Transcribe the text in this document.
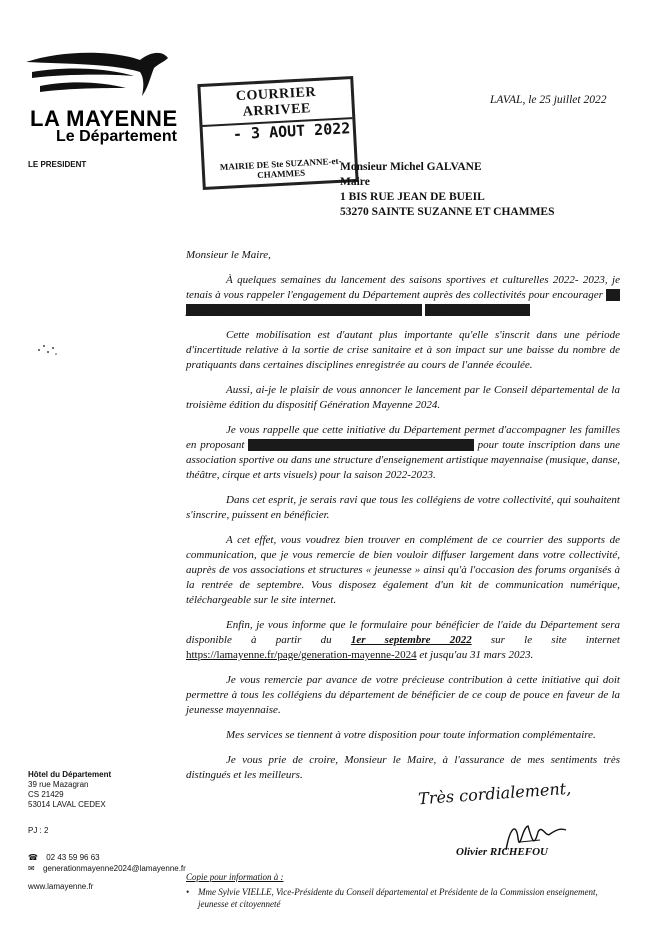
LA MAYENNE
Le Département
LE PRESIDENT
COURRIER ARRIVEE
- 3 AOUT 2022
MAIRIE DE Ste SUZANNE-et-CHAMMES
LAVAL, le 25 juillet 2022
Monsieur Michel GALVANE
Maire
1 BIS RUE JEAN DE BUEIL
53270 SAINTE SUZANNE ET CHAMMES

Monsieur le Maire,

À quelques semaines du lancement des saisons sportives et culturelles 2022- 2023, je tenais à vous rappeler l'engagement du Département auprès des collectivités pour encourager les jeunes collégiens à pratiquer une activité physique et culturelle en Mayenne.

Cette mobilisation est d'autant plus importante qu'elle s'inscrit dans une période d'incertitude relative à la sortie de crise sanitaire et à son impact sur une baisse du nombre de pratiquants dans certaines disciplines enregistrée au cours de l'année écoulée.

Aussi, ai-je le plaisir de vous annoncer le lancement par le Conseil départemental de la troisième édition du dispositif Génération Mayenne 2024.

Je vous rappelle que cette initiative du Département permet d'accompagner les familles en proposant une aide forfaitaire de 25 € à tous les collégiens pour toute inscription dans une association sportive ou dans une structure d'enseignement artistique mayennaise (musique, danse, théâtre, cirque et arts visuels) pour la saison 2022-2023.

Dans cet esprit, je serais ravi que tous les collégiens de votre collectivité, qui souhaitent s'inscrire, puissent en bénéficier.

A cet effet, vous voudrez bien trouver en complément de ce courrier des supports de communication, que je vous remercie de bien vouloir diffuser largement dans votre collectivité, auprès de vos associations et structures « jeunesse » ainsi qu'à l'occasion des forums organisés à la rentrée de septembre. Vous disposez également d'un kit de communication numérique, téléchargeable sur le site internet.

Enfin, je vous informe que le formulaire pour bénéficier de l'aide du Département sera disponible à partir du 1er septembre 2022 sur le site internet https://lamayenne.fr/page/generation-mayenne-2024 et jusqu'au 31 mars 2023.

Je vous remercie par avance de votre précieuse contribution à cette initiative qui doit permettre à tous les collégiens du département de bénéficier de ce coup de pouce en faveur de la jeunesse mayennaise.

Mes services se tiennent à votre disposition pour toute information complémentaire.

Je vous prie de croire, Monsieur le Maire, à l'assurance de mes sentiments très distingués et les meilleurs.

Hôtel du Département
39 rue Mazagran
CS 21429
53014 LAVAL CEDEX
PJ : 2
☎ 02 43 59 96 63
✉ generationmayenne2024@lamayenne.fr
www.lamayenne.fr
Très cordialement,
Olivier RICHEFOU
Copie pour information à :
• Mme Sylvie VIELLE, Vice-Présidente du Conseil départemental et Présidente de la Commission enseignement, jeunesse et citoyenneté
